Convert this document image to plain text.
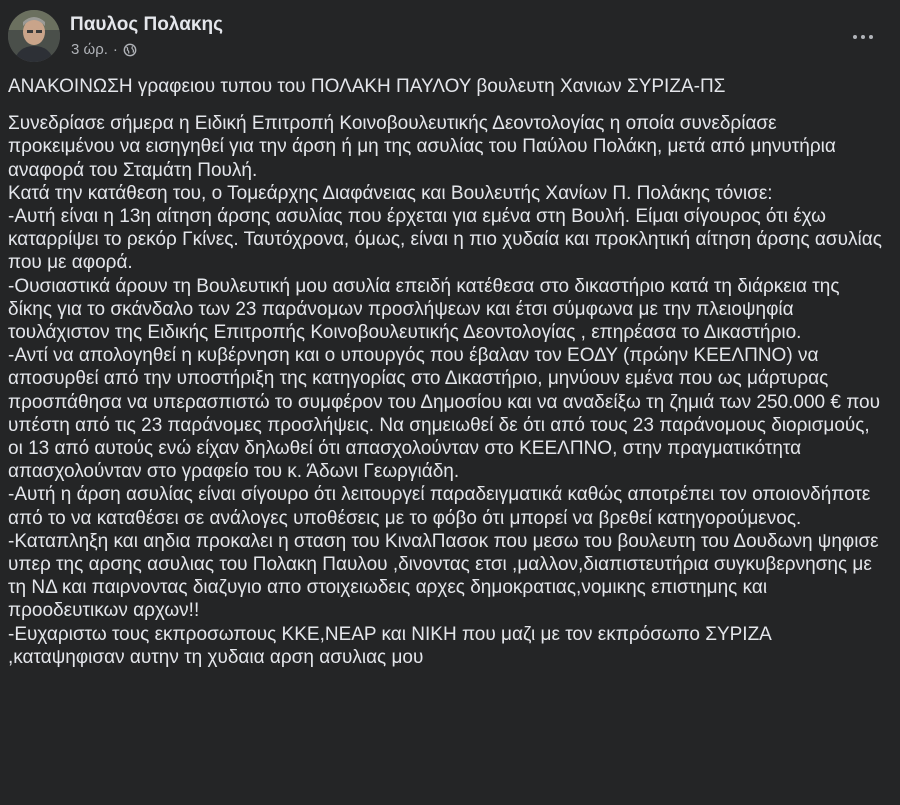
Παυλος Πολακης
3 ώρ. ·

ΑΝΑΚΟΙΝΩΣΗ γραφειου τυπου του ΠΟΛΑΚΗ ΠΑΥΛΟΥ βουλευτη Χανιων ΣΥΡΙΖΑ-ΠΣ

Συνεδρίασε σήμερα η Ειδική Επιτροπή Κοινοβουλευτικής Δεοντολογίας η οποία συνεδρίασε προκειμένου να εισηγηθεί για την άρση ή μη της ασυλίας του Παύλου Πολάκη, μετά από μηνυτήρια αναφορά του Σταμάτη Πουλή.

Κατά την κατάθεση του, ο Τομεάρχης Διαφάνειας και Βουλευτής Χανίων Π. Πολάκης τόνισε:

-Αυτή είναι η 13η αίτηση άρσης ασυλίας που έρχεται για εμένα στη Βουλή. Είμαι σίγουρος ότι έχω καταρρίψει το ρεκόρ Γκίνες. Ταυτόχρονα, όμως, είναι η πιο χυδαία και προκλητική αίτηση άρσης ασυλίας που με αφορά.

-Ουσιαστικά άρουν τη Βουλευτική μου ασυλία επειδή κατέθεσα στο δικαστήριο κατά τη διάρκεια της δίκης για το σκάνδαλο των 23 παράνομων προσλήψεων και έτσι σύμφωνα με την πλειοψηφία τουλάχιστον της Ειδικής Επιτροπής Κοινοβουλευτικής Δεοντολογίας , επηρέασα το Δικαστήριο.

-Αντί να απολογηθεί η κυβέρνηση και ο υπουργός που έβαλαν τον ΕΟΔΥ (πρώην ΚΕΕΛΠΝΟ) να αποσυρθεί από την υποστήριξη της κατηγορίας στο Δικαστήριο, μηνύουν εμένα που ως μάρτυρας προσπάθησα να υπερασπιστώ το συμφέρον του Δημοσίου και να αναδείξω τη ζημιά των 250.000 € που υπέστη από τις 23 παράνομες προσλήψεις. Να σημειωθεί δε ότι από τους 23 παράνομους διορισμούς, οι 13 από αυτούς ενώ είχαν δηλωθεί ότι απασχολούνταν στο ΚΕΕΛΠΝΟ, στην πραγματικότητα απασχολούνταν στο γραφείο του κ. Άδωνι Γεωργιάδη.

-Αυτή η άρση ασυλίας είναι σίγουρο ότι λειτουργεί παραδειγματικά καθώς αποτρέπει τον οποιονδήποτε από το να καταθέσει σε ανάλογες υποθέσεις με το φόβο ότι μπορεί να βρεθεί κατηγορούμενος.

-Καταπληξη και αηδια προκαλει η σταση του ΚιναλΠασοκ που μεσω του βουλευτη του Δουδωνη ψηφισε υπερ της αρσης ασυλιας του Πολακη Παυλου ,δινοντας ετσι ,μαλλον,διαπιστευτήρια συγκυβερνησης με τη ΝΔ και παιρνοντας διαζυγιο απο στοιχειωδεις αρχες δημοκρατιας,νομικης επιστημης και προοδευτικων αρχων!!

-Ευχαριστω τους εκπροσωπους ΚΚΕ,ΝΕΑΡ και ΝΙΚΗ που μαζι με τον εκπρόσωπο ΣΥΡΙΖΑ ,καταψηφισαν αυτην τη χυδαια αρση ασυλιας μου
